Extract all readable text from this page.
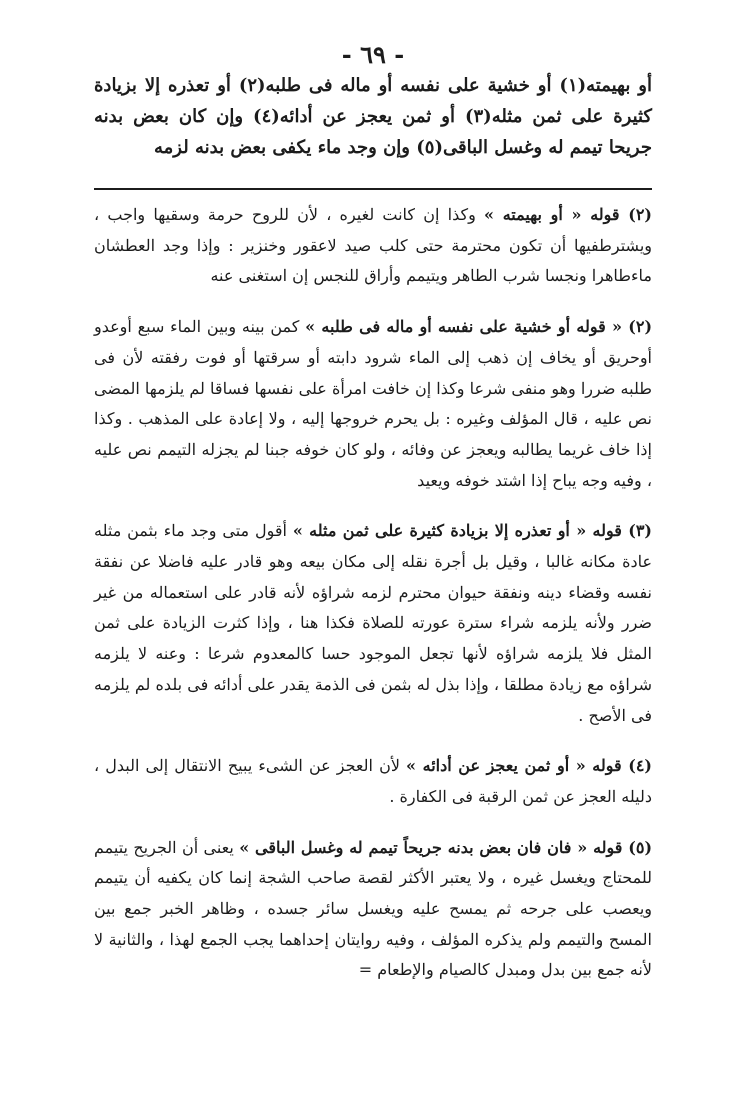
- ٦٩ -

أو بهيمته(١) أو خشية على نفسه أو ماله فى طلبه(٢) أو تعذره إلا بزيادة كثيرة على ثمن مثله(٣) أو ثمن يعجز عن أدائه(٤) وإن كان بعض بدنه جريحا تيمم له وغسل الباقى(٥) وإن وجد ماء يكفى بعض بدنه لزمه

(٢) قوله « أو بهيمته » وكذا إن كانت لغيره ، لأن للروح حرمة وسقيها واجب ، ويشترطفيها أن تكون محترمة حتى كلب صيد لاعقور وخنزير : وإذا وجد العطشان ماءطاهرا ونجسا شرب الطاهر ويتيمم وأراق للنجس إن استغنى عنه

(٢) « قوله أو خشية على نفسه أو ماله فى طلبه » كمن بينه وبين الماء سبع أوعدو أوحريق أو يخاف إن ذهب إلى الماء شرود دابته أو سرقتها أو فوت رفقته لأن فى طلبه ضررا وهو منفى شرعا وكذا إن خافت امرأة على نفسها فساقا لم يلزمها المضى نص عليه ، قال المؤلف وغيره : بل يحرم خروجها إليه ، ولا إعادة على المذهب . وكذا إذا خاف غريما يطالبه ويعجز عن وفائه ، ولو كان خوفه جبنا لم يجزله التيمم نص عليه ، وفيه وجه يباح إذا اشتد خوفه ويعيد

(٣) قوله « أو تعذره إلا بزيادة كثيرة على ثمن مثله » أقول متى وجد ماء بثمن مثله عادة مكانه غالبا ، وقيل بل أجرة نقله إلى مكان بيعه وهو قادر عليه فاضلا عن نفقة نفسه وقضاء دينه ونفقة حيوان محترم لزمه شراؤه لأنه قادر على استعماله من غير ضرر ولأنه يلزمه شراء سترة عورته للصلاة فكذا هنا ، وإذا كثرت الزيادة على ثمن المثل فلا يلزمه شراؤه لأنها تجعل الموجود حسا كالمعدوم شرعا : وعنه لا يلزمه شراؤه مع زيادة مطلقا ، وإذا بذل له بثمن فى الذمة يقدر على أدائه فى بلده لم يلزمه فى الأصح .

(٤) قوله « أو ثمن يعجز عن أدائه » لأن العجز عن الشىء يبيح الانتقال إلى البدل ، دليله العجز عن ثمن الرقبة فى الكفارة .

(٥) قوله « فان فان بعض بدنه جريحاً تيمم له وغسل الباقى » يعنى أن الجريح يتيمم للمحتاج ويغسل غيره ، ولا يعتبر الأكثر لقصة صاحب الشجة إنما كان يكفيه أن يتيمم ويعصب على جرحه ثم يمسح عليه ويغسل سائر جسده ، وظاهر الخبر جمع بين المسح والتيمم ولم يذكره المؤلف ، وفيه روايتان إحداهما يجب الجمع لهذا ، والثانية لا لأنه جمع بين بدل ومبدل كالصيام والإطعام =
